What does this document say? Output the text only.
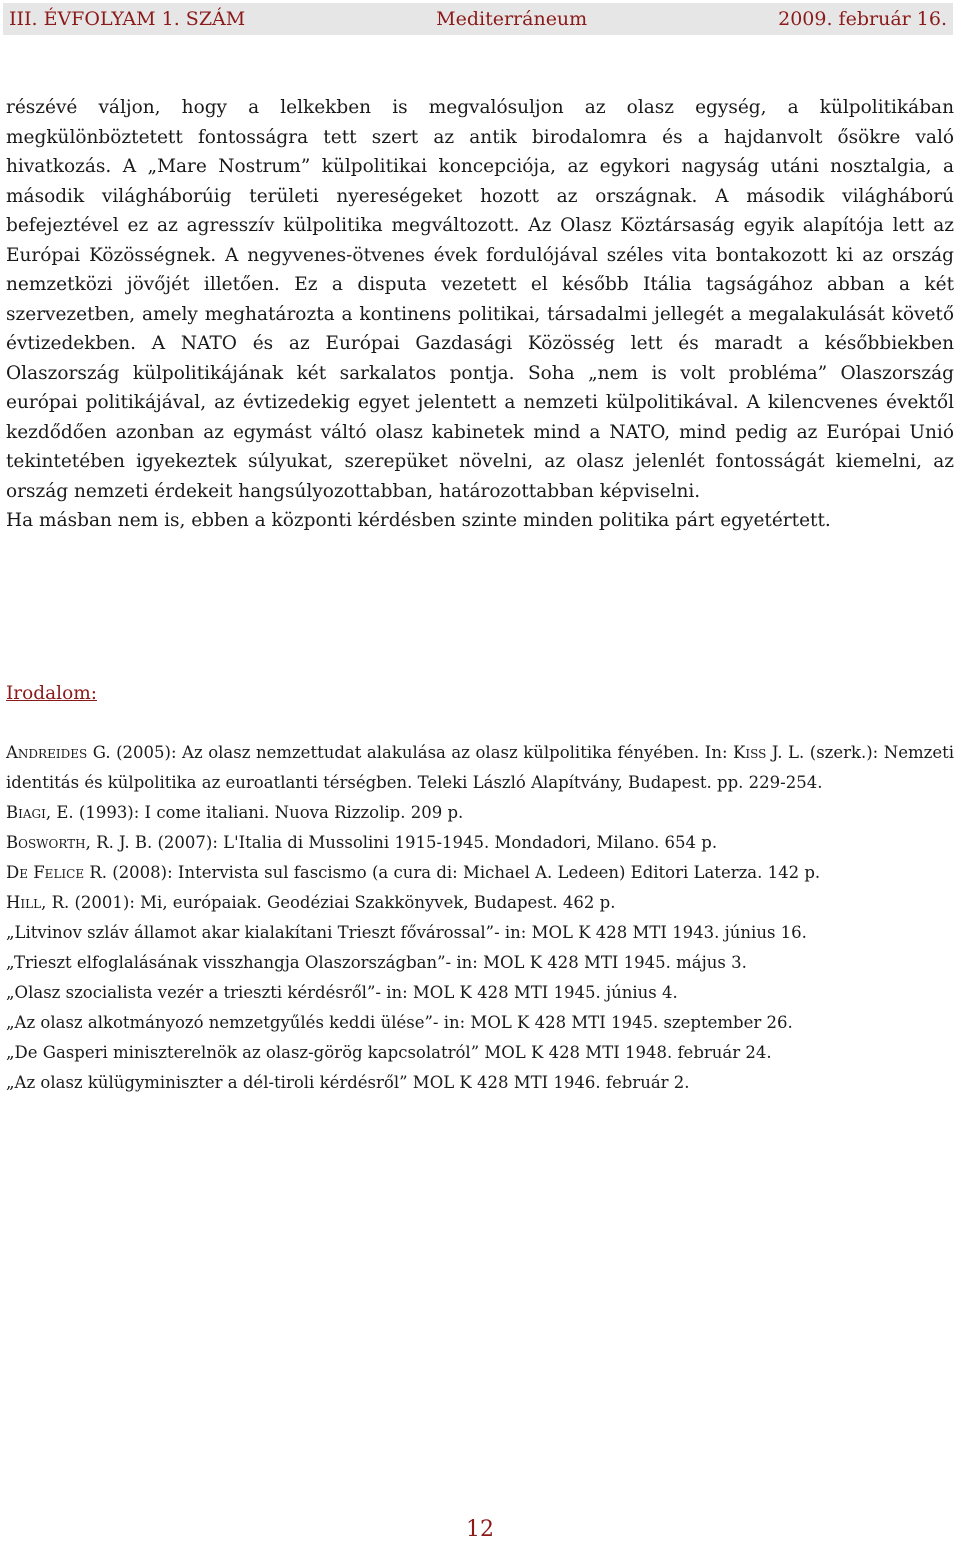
III. ÉVFOLYAM 1. SZÁM	Mediterráneum	2009. február 16.

részévé váljon, hogy a lelkekben is megvalósuljon az olasz egység, a külpolitikában megkülönböztetett fontosságra tett szert az antik birodalomra és a hajdanvolt ősökre való hivatkozás. A „Mare Nostrum” külpolitikai koncepciója, az egykori nagyság utáni nosztalgia, a második világháborúig területi nyereségeket hozott az országnak. A második világháború befejeztével ez az agresszív külpolitika megváltozott. Az Olasz Köztársaság egyik alapítója lett az Európai Közösségnek. A negyvenes-ötvenes évek fordulójával széles vita bontakozott ki az ország nemzetközi jövőjét illetően. Ez a disputa vezetett el később Itália tagságához abban a két szervezetben, amely meghatározta a kontinens politikai, társadalmi jellegét a megalakulását követő évtizedekben. A NATO és az Európai Gazdasági Közösség lett és maradt a későbbiekben Olaszország külpolitikájának két sarkalatos pontja. Soha „nem is volt probléma” Olaszország európai politikájával, az évtizedekig egyet jelentett a nemzeti külpolitikával. A kilencvenes évektől kezdődően azonban az egymást váltó olasz kabinetek mind a NATO, mind pedig az Európai Unió tekintetében igyekeztek súlyukat, szerepüket növelni, az olasz jelenlét fontosságát kiemelni, az ország nemzeti érdekeit hangsúlyozottabban, határozottabban képviselni.

Ha másban nem is, ebben a központi kérdésben szinte minden politika párt egyetértett.

Irodalom:

Andreides G. (2005): Az olasz nemzettudat alakulása az olasz külpolitika fényében. In: Kiss J. L. (szerk.): Nemzeti identitás és külpolitika az euroatlanti térségben. Teleki László Alapítvány, Budapest. pp. 229-254.

Biagi, E. (1993): I come italiani. Nuova Rizzolip. 209 p.

Bosworth, R. J. B. (2007): L'Italia di Mussolini 1915-1945. Mondadori, Milano. 654 p.

De Felice R. (2008): Intervista sul fascismo (a cura di: Michael A. Ledeen) Editori Laterza. 142 p.

Hill, R. (2001): Mi, európaiak. Geodéziai Szakkönyvek, Budapest. 462 p.

„Litvinov szláv államot akar kialakítani Trieszt fővárossal”- in: MOL K 428 MTI 1943. június 16.

„Trieszt elfoglalásának visszhangja Olaszországban”- in: MOL K 428 MTI 1945. május 3.

„Olasz szocialista vezér a trieszti kérdésről”- in: MOL K 428 MTI 1945. június 4.

„Az olasz alkotmányozó nemzetgyűlés keddi ülése”- in: MOL K 428 MTI 1945. szeptember 26.

„De Gasperi miniszterelnök az olasz-görög kapcsolatról” MOL K 428 MTI 1948. február 24.

„Az olasz külügyminiszter a dél-tiroli kérdésről” MOL K 428 MTI 1946. február 2.

12
